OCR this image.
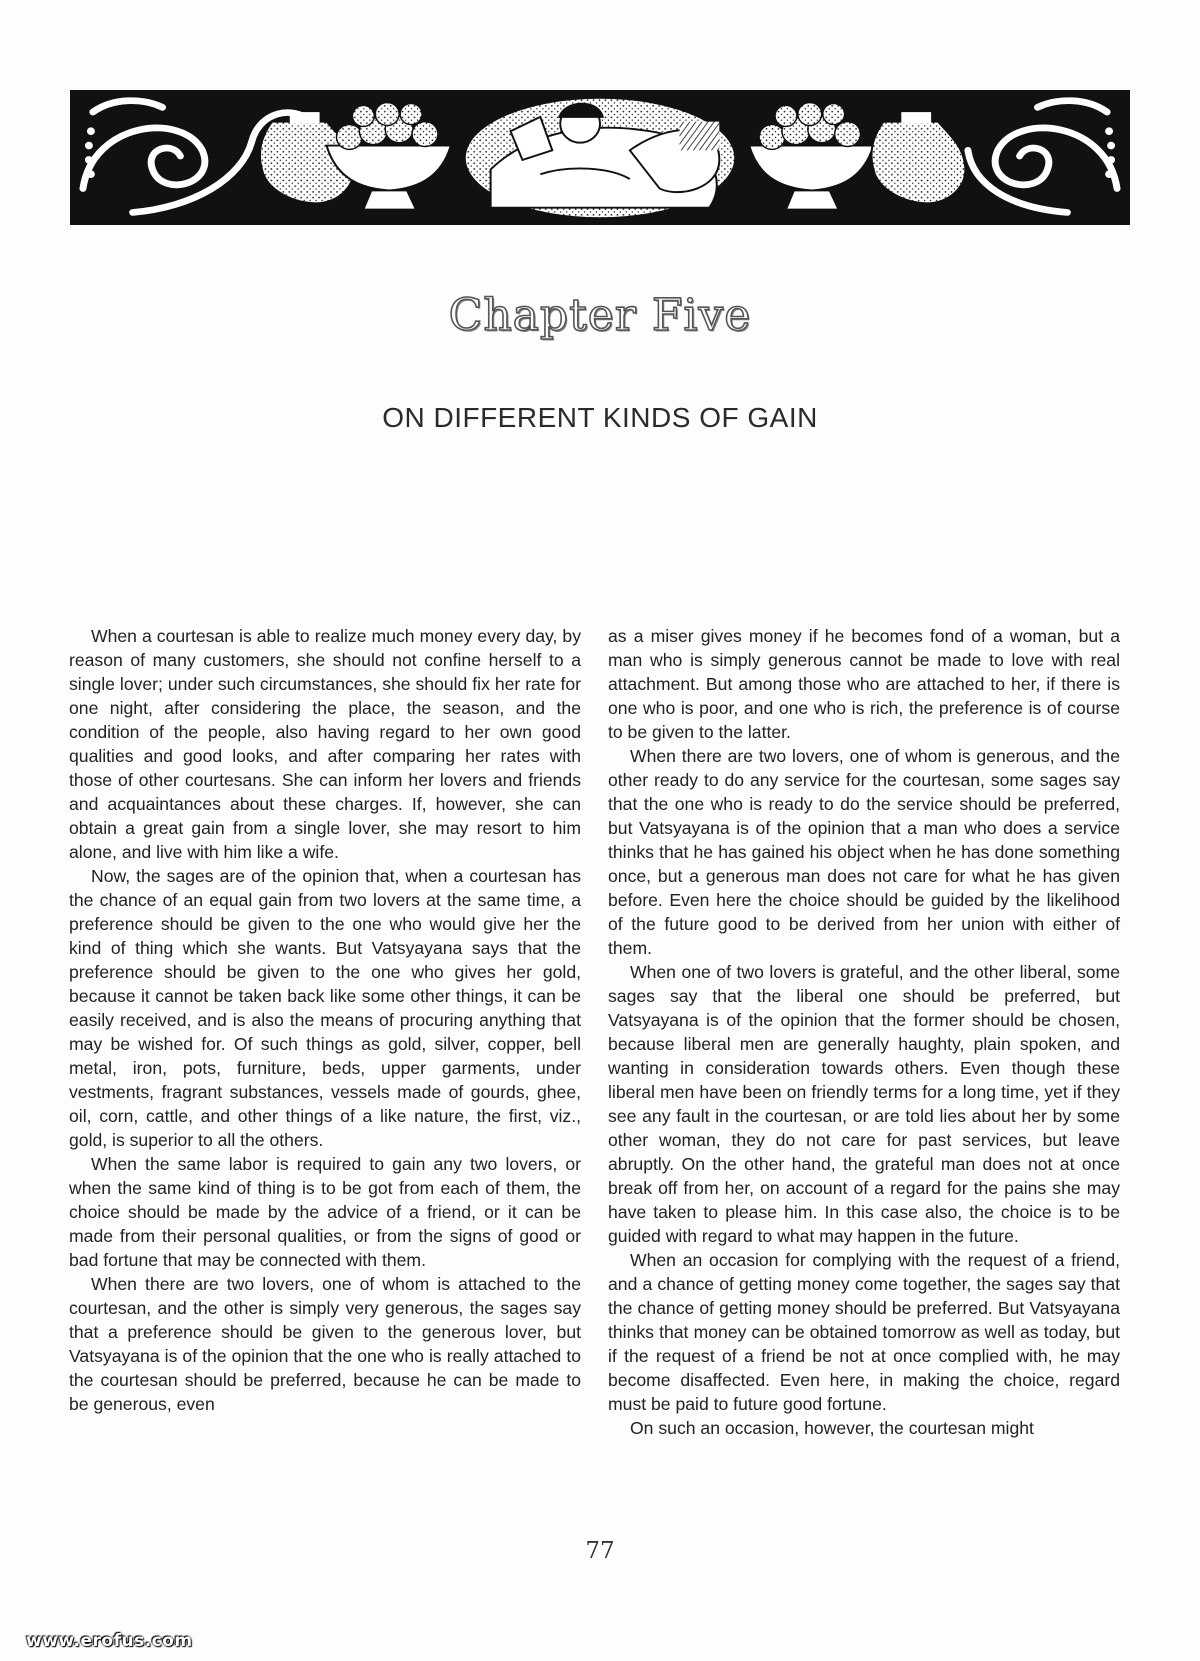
Chapter Five
ON DIFFERENT KINDS OF GAIN

When a courtesan is able to realize much money every day, by reason of many customers, she should not confine herself to a single lover; under such circumstances, she should fix her rate for one night, after considering the place, the season, and the condition of the people, also having regard to her own good qualities and good looks, and after comparing her rates with those of other courtesans. She can inform her lovers and friends and acquaintances about these charges. If, however, she can obtain a great gain from a single lover, she may resort to him alone, and live with him like a wife.

Now, the sages are of the opinion that, when a courtesan has the chance of an equal gain from two lovers at the same time, a preference should be given to the one who would give her the kind of thing which she wants. But Vatsyayana says that the preference should be given to the one who gives her gold, because it cannot be taken back like some other things, it can be easily received, and is also the means of procuring anything that may be wished for. Of such things as gold, silver, copper, bell metal, iron, pots, furniture, beds, upper garments, under vestments, fragrant substances, vessels made of gourds, ghee, oil, corn, cattle, and other things of a like nature, the first, viz., gold, is superior to all the others.

When the same labor is required to gain any two lovers, or when the same kind of thing is to be got from each of them, the choice should be made by the advice of a friend, or it can be made from their personal qualities, or from the signs of good or bad fortune that may be connected with them.

When there are two lovers, one of whom is attached to the courtesan, and the other is simply very generous, the sages say that a preference should be given to the generous lover, but Vatsyayana is of the opinion that the one who is really attached to the courtesan should be preferred, because he can be made to be generous, even

as a miser gives money if he becomes fond of a woman, but a man who is simply generous cannot be made to love with real attachment. But among those who are attached to her, if there is one who is poor, and one who is rich, the preference is of course to be given to the latter.

When there are two lovers, one of whom is generous, and the other ready to do any service for the courtesan, some sages say that the one who is ready to do the service should be preferred, but Vatsyayana is of the opinion that a man who does a service thinks that he has gained his object when he has done something once, but a generous man does not care for what he has given before. Even here the choice should be guided by the likelihood of the future good to be derived from her union with either of them.

When one of two lovers is grateful, and the other liberal, some sages say that the liberal one should be preferred, but Vatsyayana is of the opinion that the former should be chosen, because liberal men are generally haughty, plain spoken, and wanting in consideration towards others. Even though these liberal men have been on friendly terms for a long time, yet if they see any fault in the courtesan, or are told lies about her by some other woman, they do not care for past services, but leave abruptly. On the other hand, the grateful man does not at once break off from her, on account of a regard for the pains she may have taken to please him. In this case also, the choice is to be guided with regard to what may happen in the future.

When an occasion for complying with the request of a friend, and a chance of getting money come together, the sages say that the chance of getting money should be preferred. But Vatsyayana thinks that money can be obtained tomorrow as well as today, but if the request of a friend be not at once complied with, he may become disaffected. Even here, in making the choice, regard must be paid to future good fortune.

On such an occasion, however, the courtesan might

77
www.erofus.com
